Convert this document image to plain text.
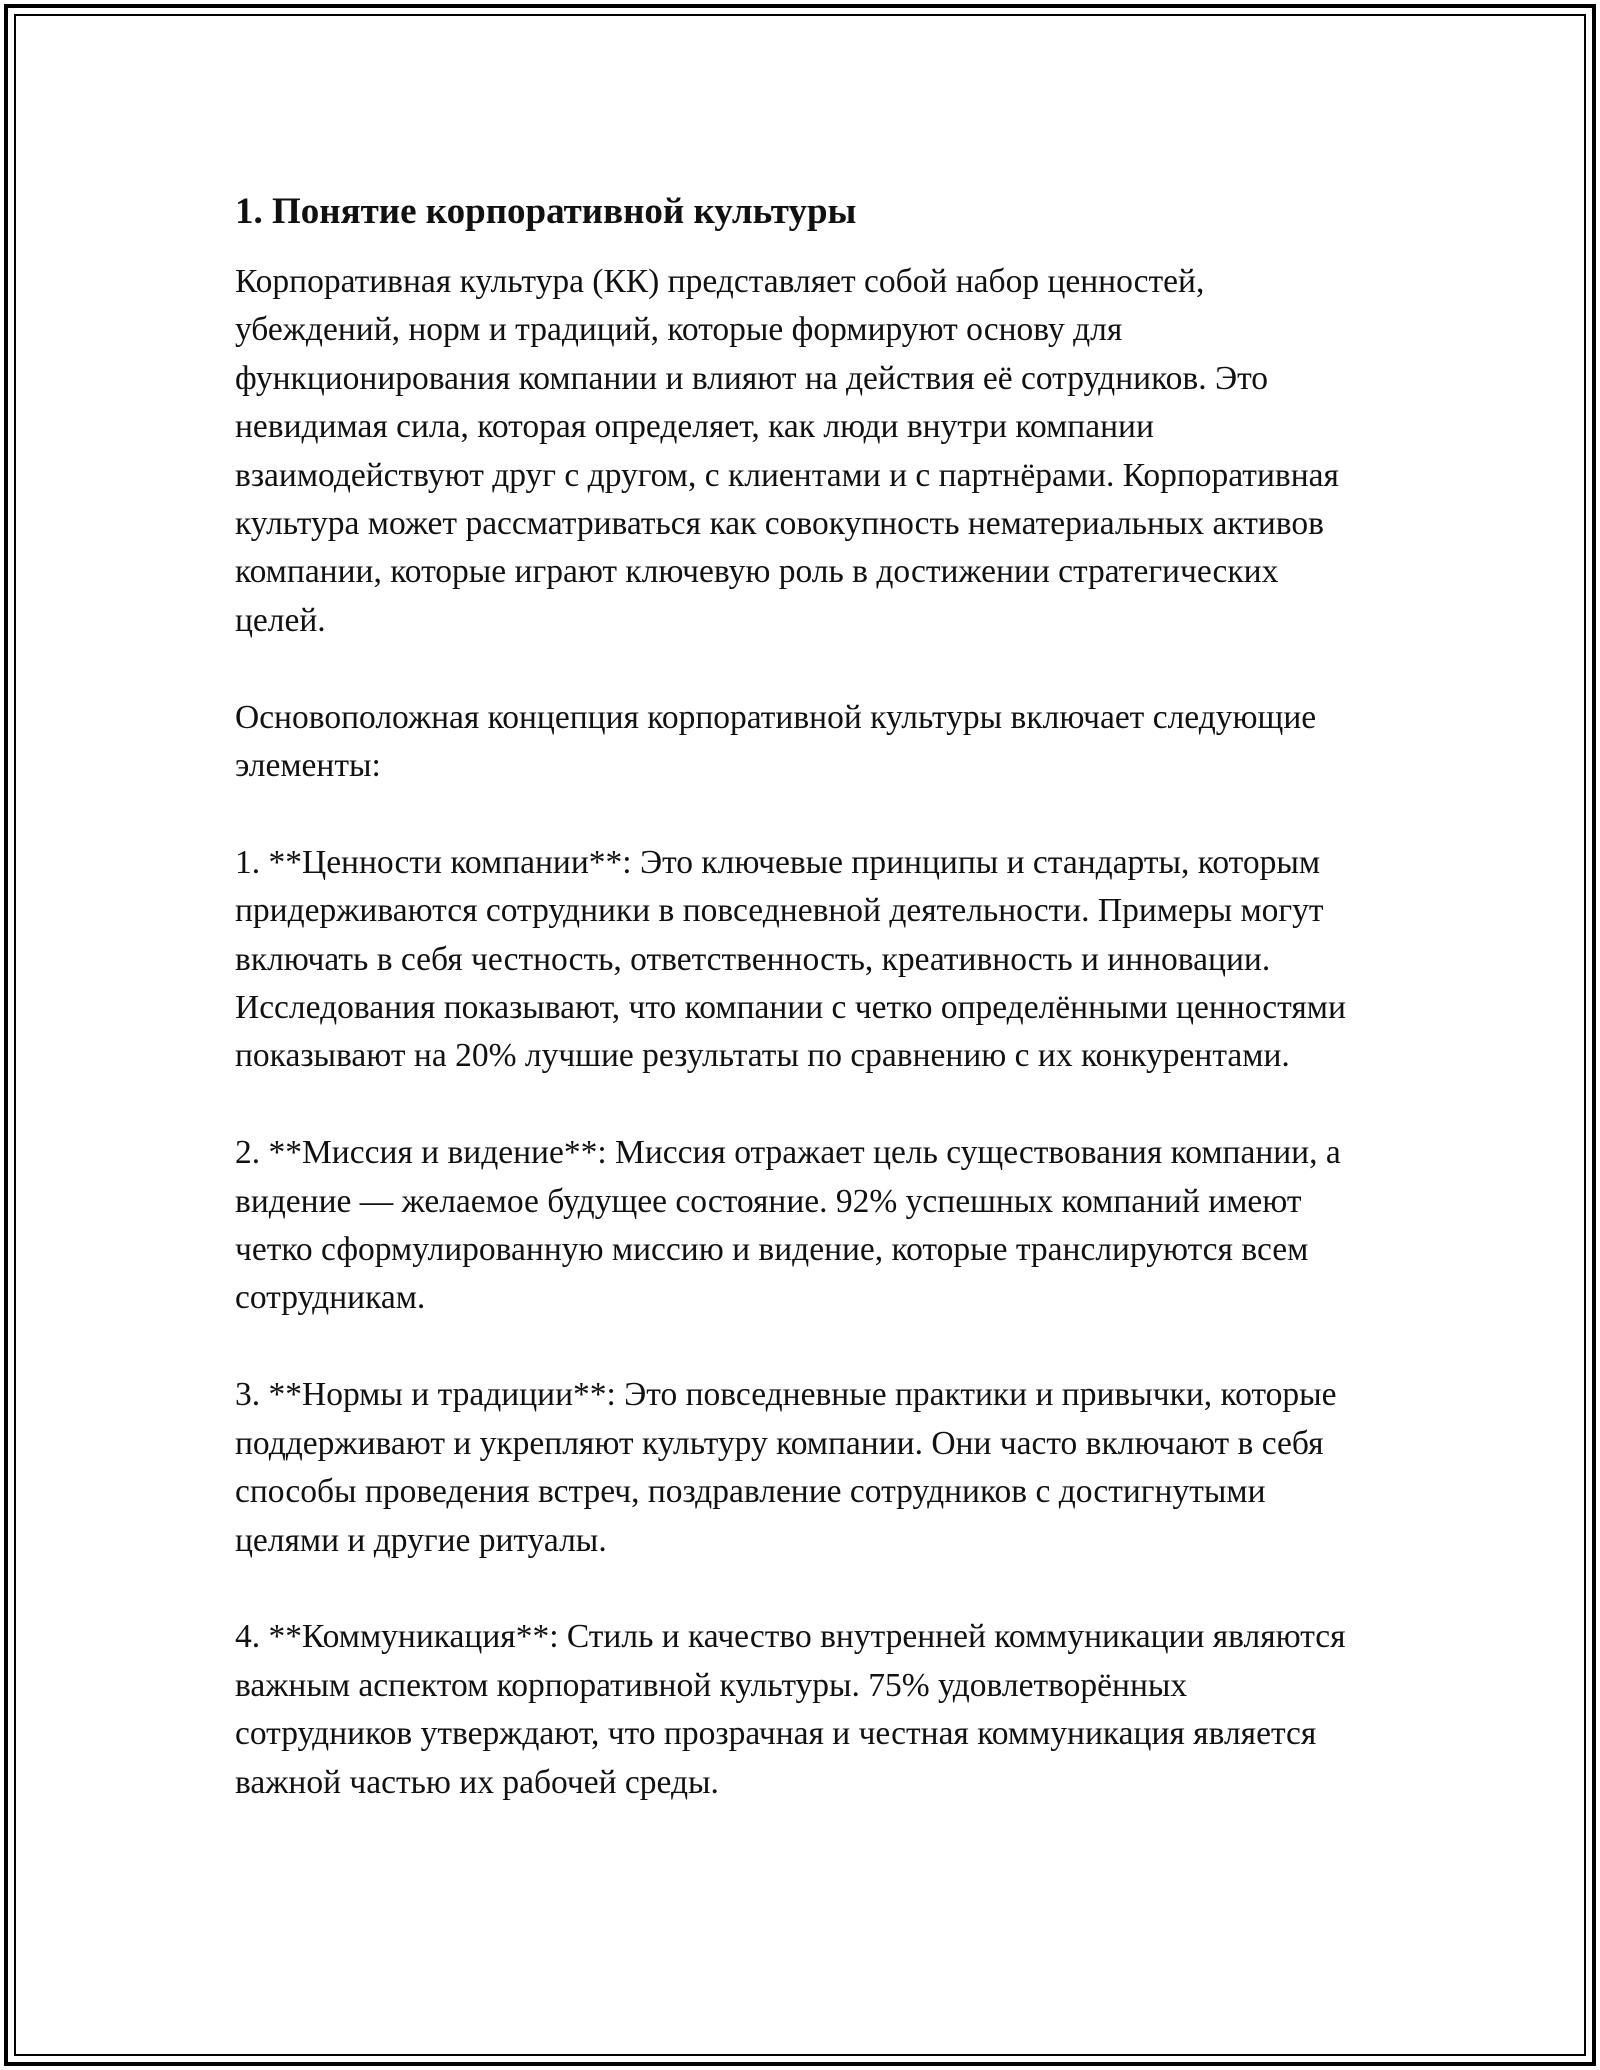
1. Понятие корпоративной культуры

Корпоративная культура (КК) представляет собой набор ценностей, убеждений, норм и традиций, которые формируют основу для функционирования компании и влияют на действия её сотрудников. Это невидимая сила, которая определяет, как люди внутри компании взаимодействуют друг с другом, с клиентами и с партнёрами. Корпоративная культура может рассматриваться как совокупность нематериальных активов компании, которые играют ключевую роль в достижении стратегических целей.

Основоположная концепция корпоративной культуры включает следующие элементы:

1. **Ценности компании**: Это ключевые принципы и стандарты, которым придерживаются сотрудники в повседневной деятельности. Примеры могут включать в себя честность, ответственность, креативность и инновации. Исследования показывают, что компании с четко определёнными ценностями показывают на 20% лучшие результаты по сравнению с их конкурентами.

2. **Миссия и видение**: Миссия отражает цель существования компании, а видение — желаемое будущее состояние. 92% успешных компаний имеют четко сформулированную миссию и видение, которые транслируются всем сотрудникам.

3. **Нормы и традиции**: Это повседневные практики и привычки, которые поддерживают и укрепляют культуру компании. Они часто включают в себя способы проведения встреч, поздравление сотрудников с достигнутыми целями и другие ритуалы.

4. **Коммуникация**: Стиль и качество внутренней коммуникации являются важным аспектом корпоративной культуры. 75% удовлетворённых сотрудников утверждают, что прозрачная и честная коммуникация является важной частью их рабочей среды.
